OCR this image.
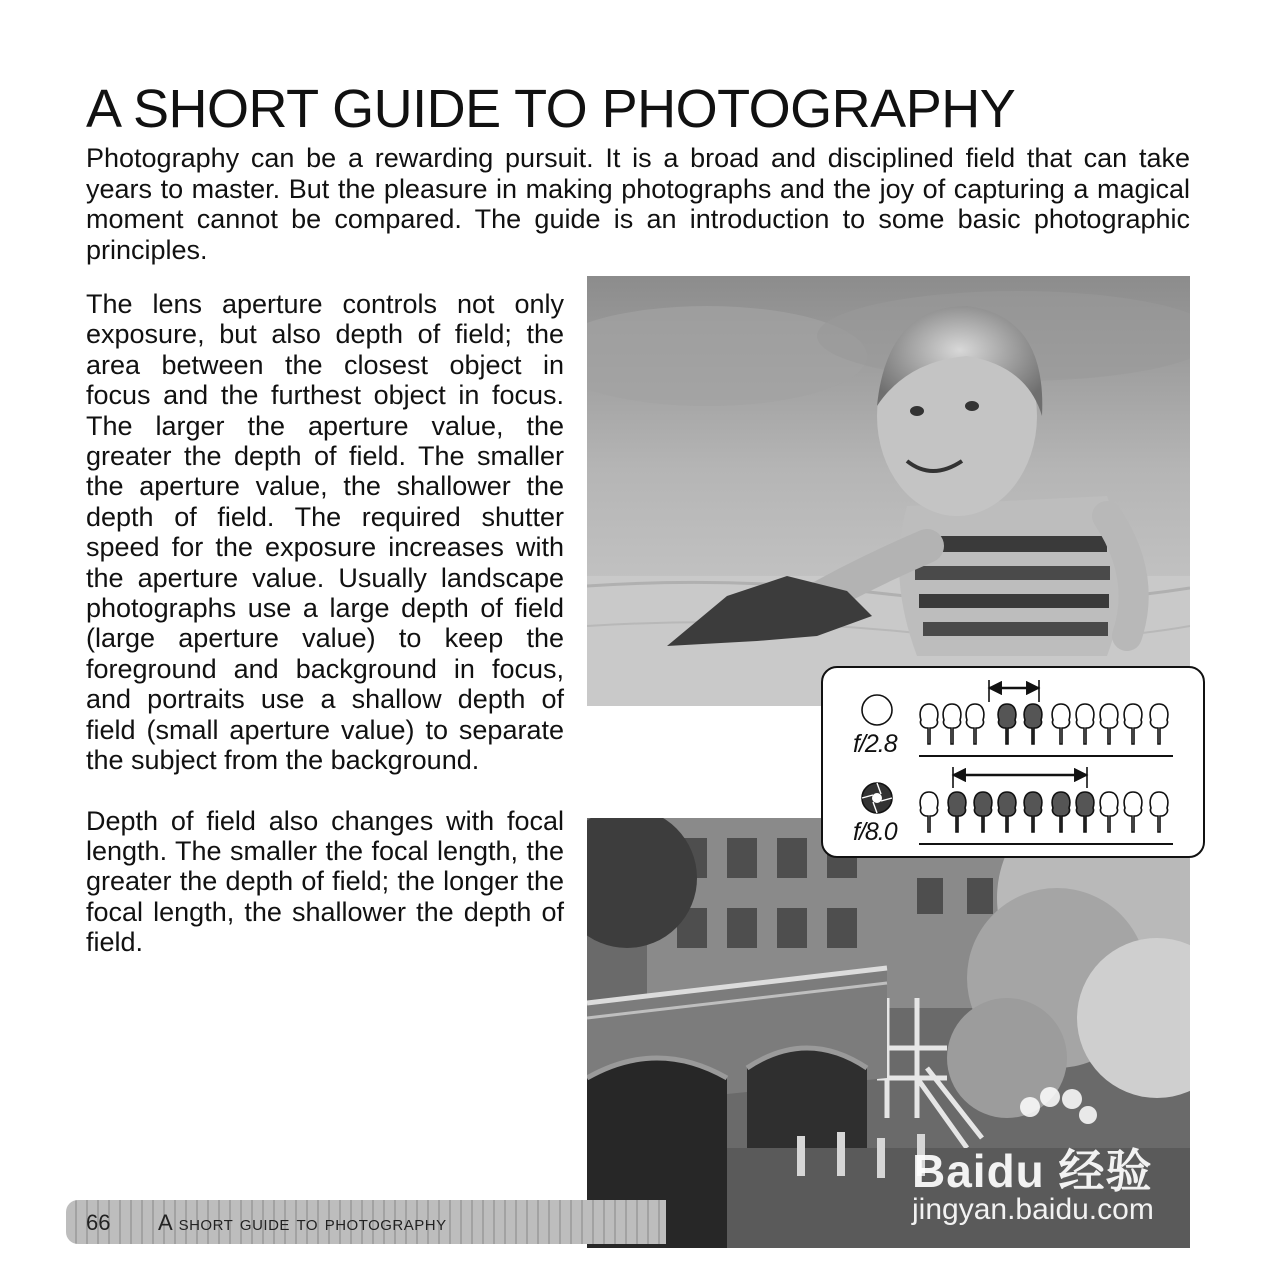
A SHORT GUIDE TO PHOTOGRAPHY

Photography can be a rewarding pursuit. It is a broad and disciplined field that can take years to master. But the pleasure in making photographs and the joy of capturing a magical moment cannot be compared. The guide is an introduction to some basic photographic principles.

The lens aperture controls not only exposure, but also depth of field; the area between the closest object in focus and the furthest object in focus. The larger the aperture value, the greater the depth of field. The smaller the aperture value, the shallower the depth of field. The required shutter speed for the exposure increases with the aperture value. Usually landscape photographs use a large depth of field (large aperture value) to keep the foreground and background in focus, and portraits use a shallow depth of field (small aperture value) to separate the subject from the background.

Depth of field also changes with focal length. The smaller the focal length, the greater the depth of field; the longer the focal length, the shallower the depth of field.

f/2.8
f/8.0
Baidu 经验
jingyan.baidu.com
66 A short guide to photography
